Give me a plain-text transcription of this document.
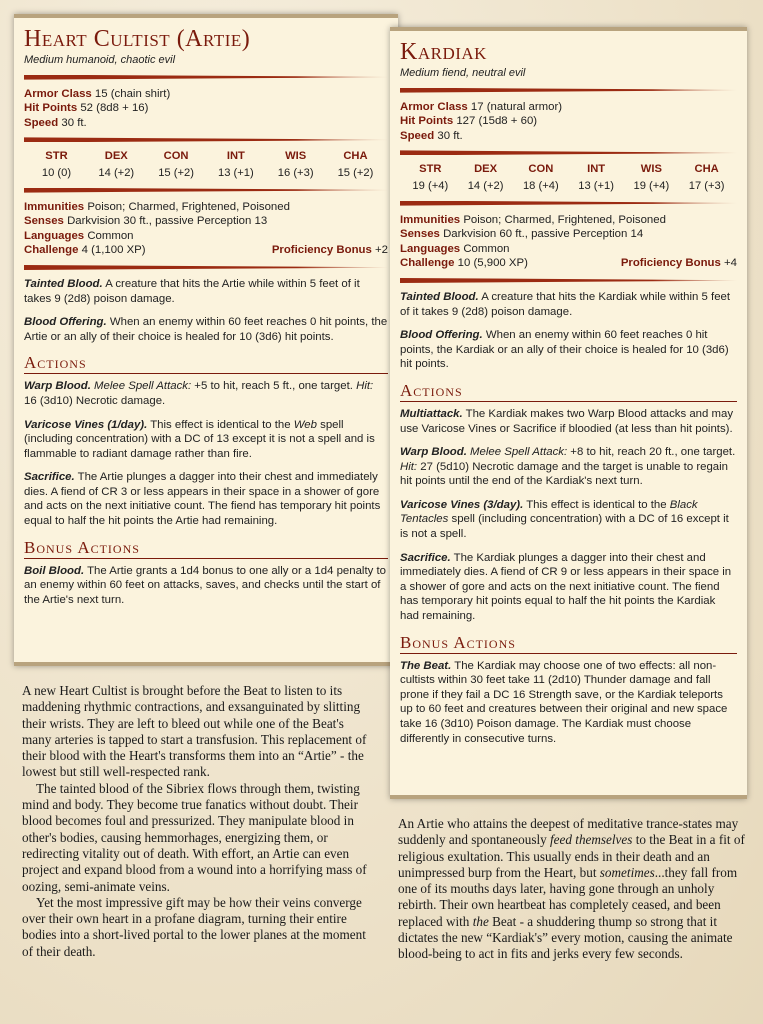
Heart Cultist (Artie)
Medium humanoid, chaotic evil

Armor Class 15 (chain shirt)

Hit Points 52 (8d8 + 16)

Speed 30 ft.

STR
10 (0)
DEX
14 (+2)
CON
15 (+2)
INT
13 (+1)
WIS
16 (+3)
CHA
15 (+2)

Immunities Poison; Charmed, Frightened, Poisoned

Senses Darkvision 30 ft., passive Perception 13

Languages Common

Challenge 4 (1,100 XP)	Proficiency Bonus +2

Tainted Blood. A creature that hits the Artie while within 5 feet of it takes 9 (2d8) poison damage.

Blood Offering. When an enemy within 60 feet reaches 0 hit points, the Artie or an ally of their choice is healed for 10 (3d6) hit points.

Actions

Warp Blood. Melee Spell Attack: +5 to hit, reach 5 ft., one target. Hit: 16 (3d10) Necrotic damage.

Varicose Vines (1/day). This effect is identical to the Web spell (including concentration) with a DC of 13 except it is not a spell and is flammable to radiant damage rather than fire.

Sacrifice. The Artie plunges a dagger into their chest and immediately dies. A fiend of CR 3 or less appears in their space in a shower of gore and acts on the next initiative count. The fiend has temporary hit points equal to half the hit points the Artie had remaining.

Bonus Actions

Boil Blood. The Artie grants a 1d4 bonus to one ally or a 1d4 penalty to an enemy within 60 feet on attacks, saves, and checks until the start of the Artie's next turn.

Kardiak
Medium fiend, neutral evil

Armor Class 17 (natural armor)

Hit Points 127 (15d8 + 60)

Speed 30 ft.

STR
19 (+4)
DEX
14 (+2)
CON
18 (+4)
INT
13 (+1)
WIS
19 (+4)
CHA
17 (+3)

Immunities Poison; Charmed, Frightened, Poisoned

Senses Darkvision 60 ft., passive Perception 14

Languages Common

Challenge 10 (5,900 XP)	Proficiency Bonus +4

Tainted Blood. A creature that hits the Kardiak while within 5 feet of it takes 9 (2d8) poison damage.

Blood Offering. When an enemy within 60 feet reaches 0 hit points, the Kardiak or an ally of their choice is healed for 10 (3d6) hit points.

Actions

Multiattack. The Kardiak makes two Warp Blood attacks and may use Varicose Vines or Sacrifice if bloodied (at less than hit points).

Warp Blood. Melee Spell Attack: +8 to hit, reach 20 ft., one target. Hit: 27 (5d10) Necrotic damage and the target is unable to regain hit points until the end of the Kardiak's next turn.

Varicose Vines (3/day). This effect is identical to the Black Tentacles spell (including concentration) with a DC of 16 except it is not a spell.

Sacrifice. The Kardiak plunges a dagger into their chest and immediately dies. A fiend of CR 9 or less appears in their space in a shower of gore and acts on the next initiative count. The fiend has temporary hit points equal to half the hit points the Kardiak had remaining.

Bonus Actions

The Beat. The Kardiak may choose one of two effects: all non-cultists within 30 feet take 11 (2d10) Thunder damage and fall prone if they fail a DC 16 Strength save, or the Kardiak teleports up to 60 feet and creatures between their original and new space take 16 (3d10) Poison damage. The Kardiak must choose differently in consecutive turns.

A new Heart Cultist is brought before the Beat to listen to its maddening rhythmic contractions, and exsanguinated by slitting their wrists. They are left to bleed out while one of the Beat's many arteries is tapped to start a transfusion. This replacement of their blood with the Heart's transforms them into an “Artie” - the lowest but still well-respected rank.

The tainted blood of the Sibriex flows through them, twisting mind and body. They become true fanatics without doubt. Their blood becomes foul and pressurized. They manipulate blood in other's bodies, causing hemmorhages, energizing them, or redirecting vitality out of death. With effort, an Artie can even project and expand blood from a wound into a horrifying mass of oozing, semi-animate veins.

Yet the most impressive gift may be how their veins converge over their own heart in a profane diagram, turning their entire bodies into a short-lived portal to the lower planes at the moment of their death.

An Artie who attains the deepest of meditative trance-states may suddenly and spontaneously feed themselves to the Beat in a fit of religious exultation. This usually ends in their death and an unimpressed burp from the Heart, but sometimes...they fall from one of its mouths days later, having gone through an unholy rebirth. Their own heartbeat has completely ceased, and been replaced with the Beat - a shuddering thump so strong that it dictates the new “Kardiak's” every motion, causing the animate blood-being to act in fits and jerks every few seconds.
